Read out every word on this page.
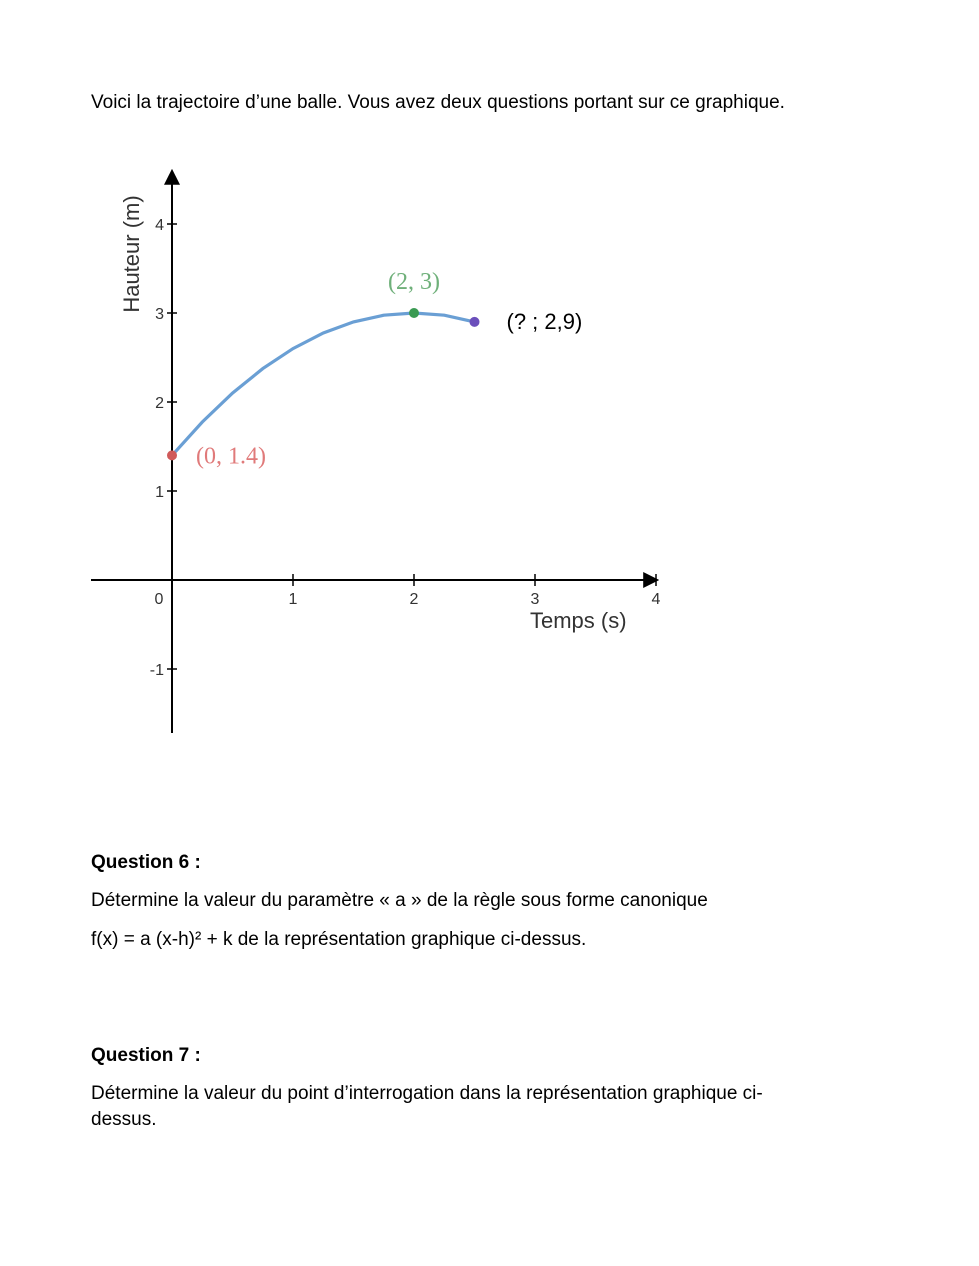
Voici la trajectoire d’une balle. Vous avez deux questions portant sur ce graphique.

0	1	2	3	4
4
3
2
1
-1
(0, 1.4)
(2, 3)
(? ; 2,9)
Temps (s)
Hauteur (m)

Question 6 :

Détermine la valeur du paramètre « a » de la règle sous forme canonique

f(x) = a (x-h)² + k de la représentation graphique ci-dessus.

Question 7 :

Détermine la valeur du point d’interrogation dans la représentation graphique ci-

dessus.
